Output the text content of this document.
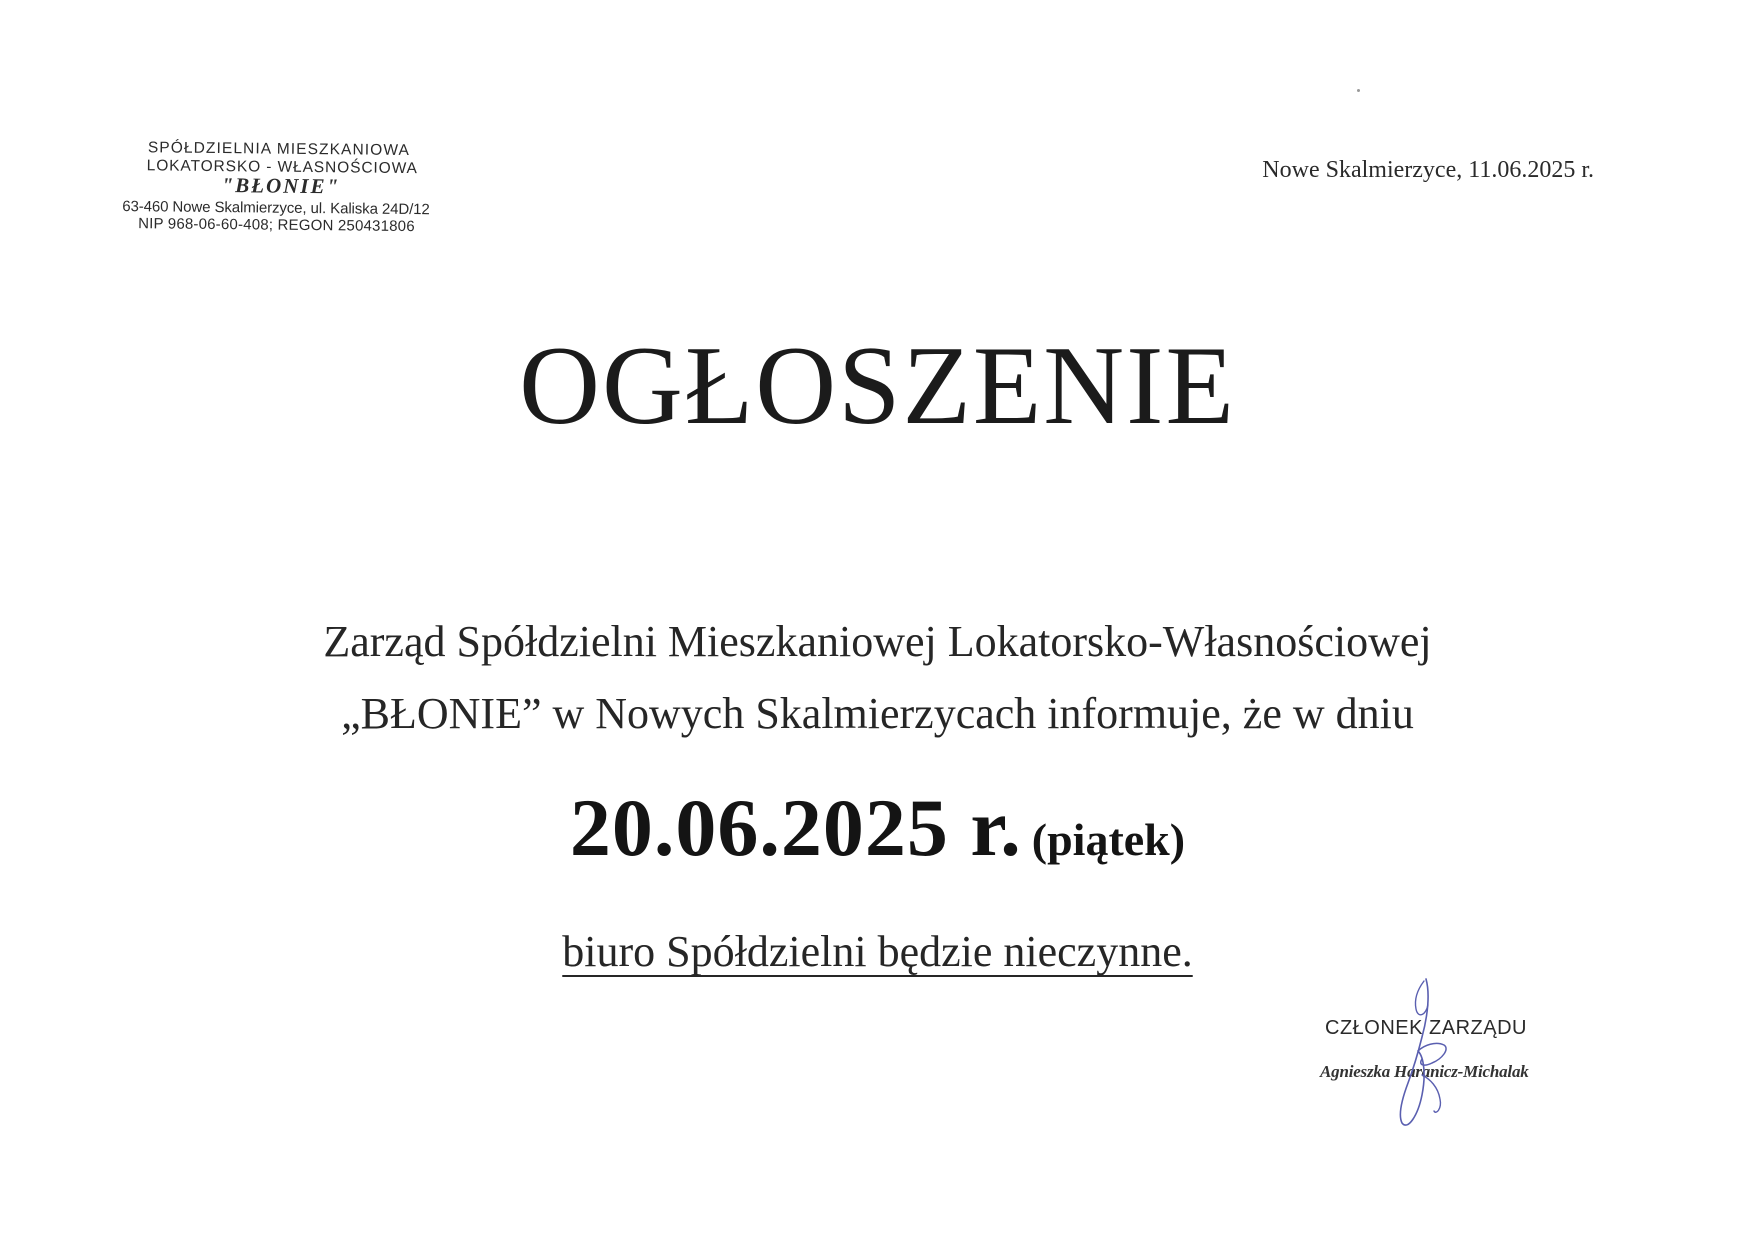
SPÓŁDZIELNIA MIESZKANIOWA
LOKATORSKO - WŁASNOŚCIOWA
"BŁONIE"
63-460 Nowe Skalmierzyce, ul. Kaliska 24D/12
NIP 968-06-60-408; REGON 250431806
Nowe Skalmierzyce, 11.06.2025 r.
OGŁOSZENIE
Zarząd Spółdzielni Mieszkaniowej Lokatorsko-Własnościowej
„BŁONIE” w Nowych Skalmierzycach informuje, że w dniu
20.06.2025 r. (piątek)
biuro Spółdzielni będzie nieczynne.
CZŁONEK ZARZĄDU
Agnieszka Haranicz-Michalak
